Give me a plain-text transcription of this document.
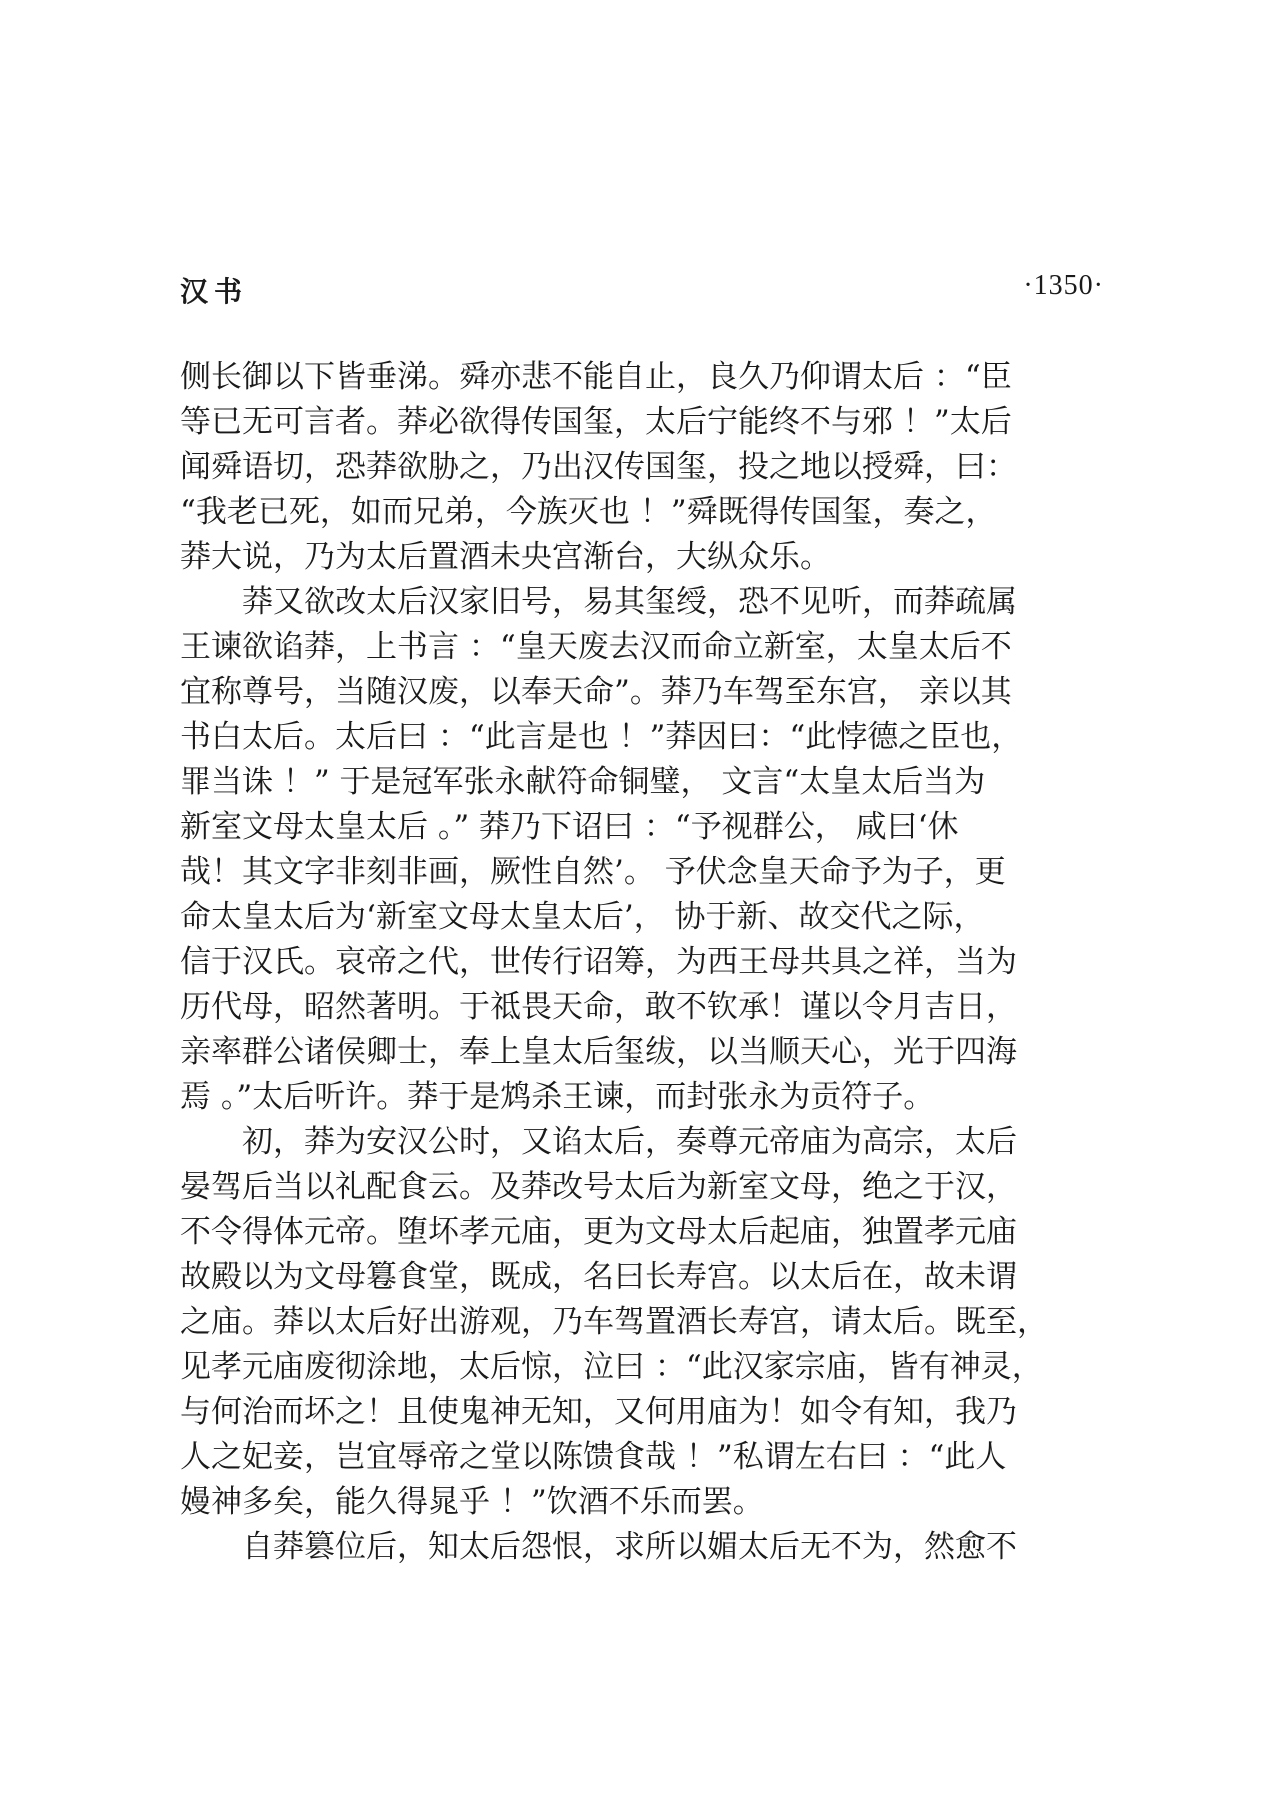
汉书	·1350·
侧长御以下皆垂涕。舜亦悲不能自止，良久乃仰谓太后 ：“臣
等已无可言者。莽必欲得传国玺，太后宁能终不与邪 ！”太后
闻舜语切，恐莽欲胁之，乃出汉传国玺，投之地以授舜，曰：
“我老已死，如而兄弟，今族灭也 ！”舜既得传国玺，奏之，
莽大说，乃为太后置酒未央宫渐台，大纵众乐。
莽又欲改太后汉家旧号，易其玺绶，恐不见听，而莽疏属
王谏欲谄莽，上书言 ：“皇天废去汉而命立新室，太皇太后不
宜称尊号，当随汉废，以奉天命”。莽乃车驾至东宫， 亲以其
书白太后。太后曰 ：“此言是也 ！”莽因曰：“此悖德之臣也，
罪当诛 ！” 于是冠军张永献符命铜璧， 文言“太皇太后当为
新室文母太皇太后 。” 莽乃下诏曰 ：“予视群公， 咸曰‘休
哉！其文字非刻非画，厥性自然’。 予伏念皇天命予为子，更
命太皇太后为‘新室文母太皇太后’， 协于新、故交代之际，
信于汉氏。哀帝之代，世传行诏筹，为西王母共具之祥，当为
历代母，昭然著明。于祗畏天命，敢不钦承！谨以令月吉日，
亲率群公诸侯卿士，奉上皇太后玺绂，以当顺天心，光于四海
焉 。”太后听许。莽于是鸩杀王谏，而封张永为贡符子。
初，莽为安汉公时，又谄太后，奏尊元帝庙为高宗，太后
晏驾后当以礼配食云。及莽改号太后为新室文母，绝之于汉，
不令得体元帝。堕坏孝元庙，更为文母太后起庙，独置孝元庙
故殿以为文母篹食堂，既成，名曰长寿宫。以太后在，故未谓
之庙。莽以太后好出游观，乃车驾置酒长寿宫，请太后。既至，
见孝元庙废彻涂地，太后惊，泣曰 ：“此汉家宗庙，皆有神灵，
与何治而坏之！且使鬼神无知，又何用庙为！如令有知，我乃
人之妃妾，岂宜辱帝之堂以陈馈食哉 ！”私谓左右曰 ：“此人
嫚神多矣，能久得晁乎 ！”饮酒不乐而罢。
自莽篡位后，知太后怨恨，求所以媚太后无不为，然愈不
